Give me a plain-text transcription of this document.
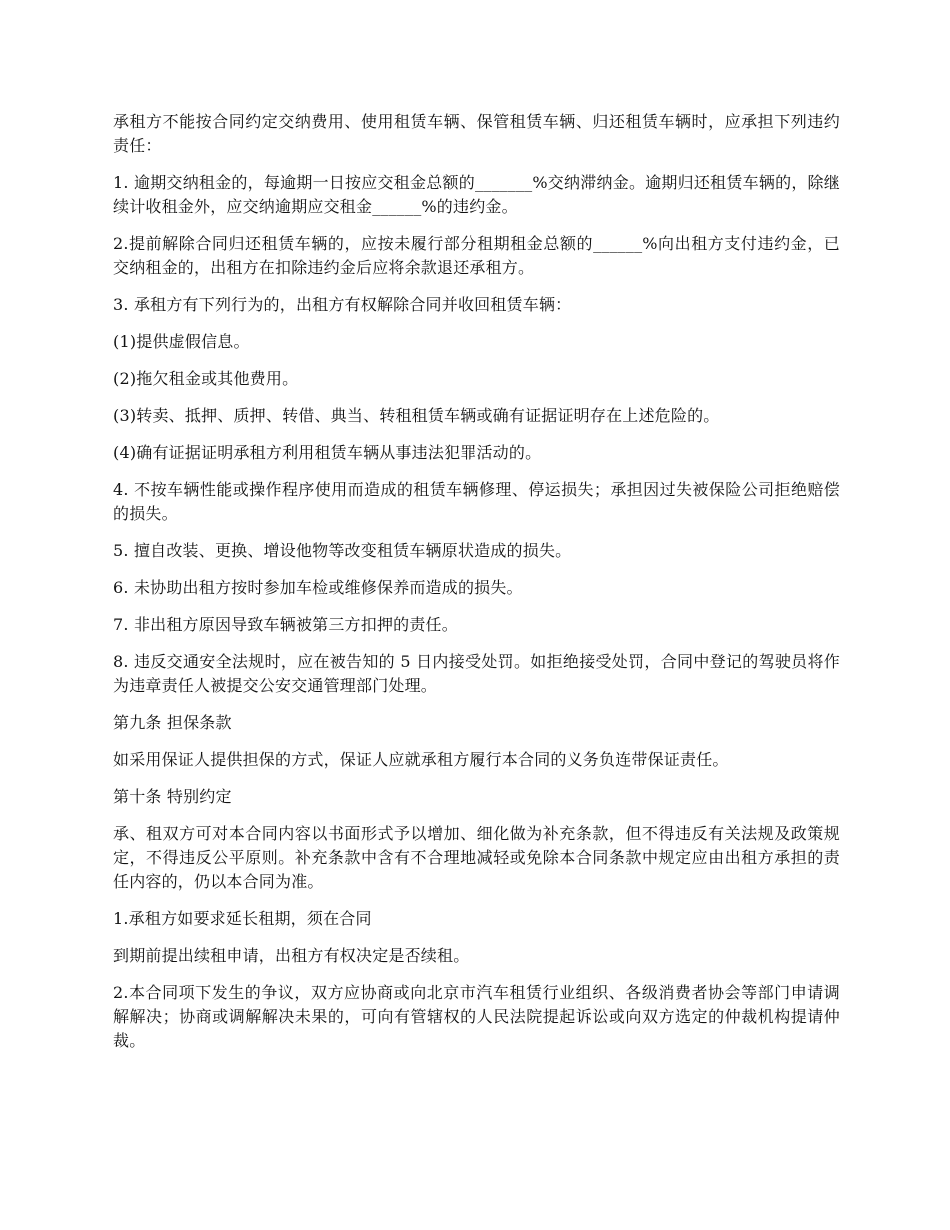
承租方不能按合同约定交纳费用、使用租赁车辆、保管租赁车辆、归还租赁车辆时，应承担下列违约责任：

1. 逾期交纳租金的，每逾期一日按应交租金总额的_______%交纳滞纳金。逾期归还租赁车辆的，除继续计收租金外，应交纳逾期应交租金______%的违约金。

2.提前解除合同归还租赁车辆的，应按未履行部分租期租金总额的______%向出租方支付违约金，已交纳租金的，出租方在扣除违约金后应将余款退还承租方。

3. 承租方有下列行为的，出租方有权解除合同并收回租赁车辆：

(1)提供虚假信息。

(2)拖欠租金或其他费用。

(3)转卖、抵押、质押、转借、典当、转租租赁车辆或确有证据证明存在上述危险的。

(4)确有证据证明承租方利用租赁车辆从事违法犯罪活动的。

4. 不按车辆性能或操作程序使用而造成的租赁车辆修理、停运损失；承担因过失被保险公司拒绝赔偿的损失。

5. 擅自改装、更换、增设他物等改变租赁车辆原状造成的损失。

6. 未协助出租方按时参加车检或维修保养而造成的损失。

7. 非出租方原因导致车辆被第三方扣押的责任。

8. 违反交通安全法规时，应在被告知的 5 日内接受处罚。如拒绝接受处罚，合同中登记的驾驶员将作为违章责任人被提交公安交通管理部门处理。

第九条 担保条款

如采用保证人提供担保的方式，保证人应就承租方履行本合同的义务负连带保证责任。

第十条 特别约定

承、租双方可对本合同内容以书面形式予以增加、细化做为补充条款，但不得违反有关法规及政策规定，不得违反公平原则。补充条款中含有不合理地减轻或免除本合同条款中规定应由出租方承担的责任内容的，仍以本合同为准。

1.承租方如要求延长租期，须在合同

到期前提出续租申请，出租方有权决定是否续租。

2.本合同项下发生的争议，双方应协商或向北京市汽车租赁行业组织、各级消费者协会等部门申请调解解决；协商或调解解决未果的，可向有管辖权的人民法院提起诉讼或向双方选定的仲裁机构提请仲裁。
